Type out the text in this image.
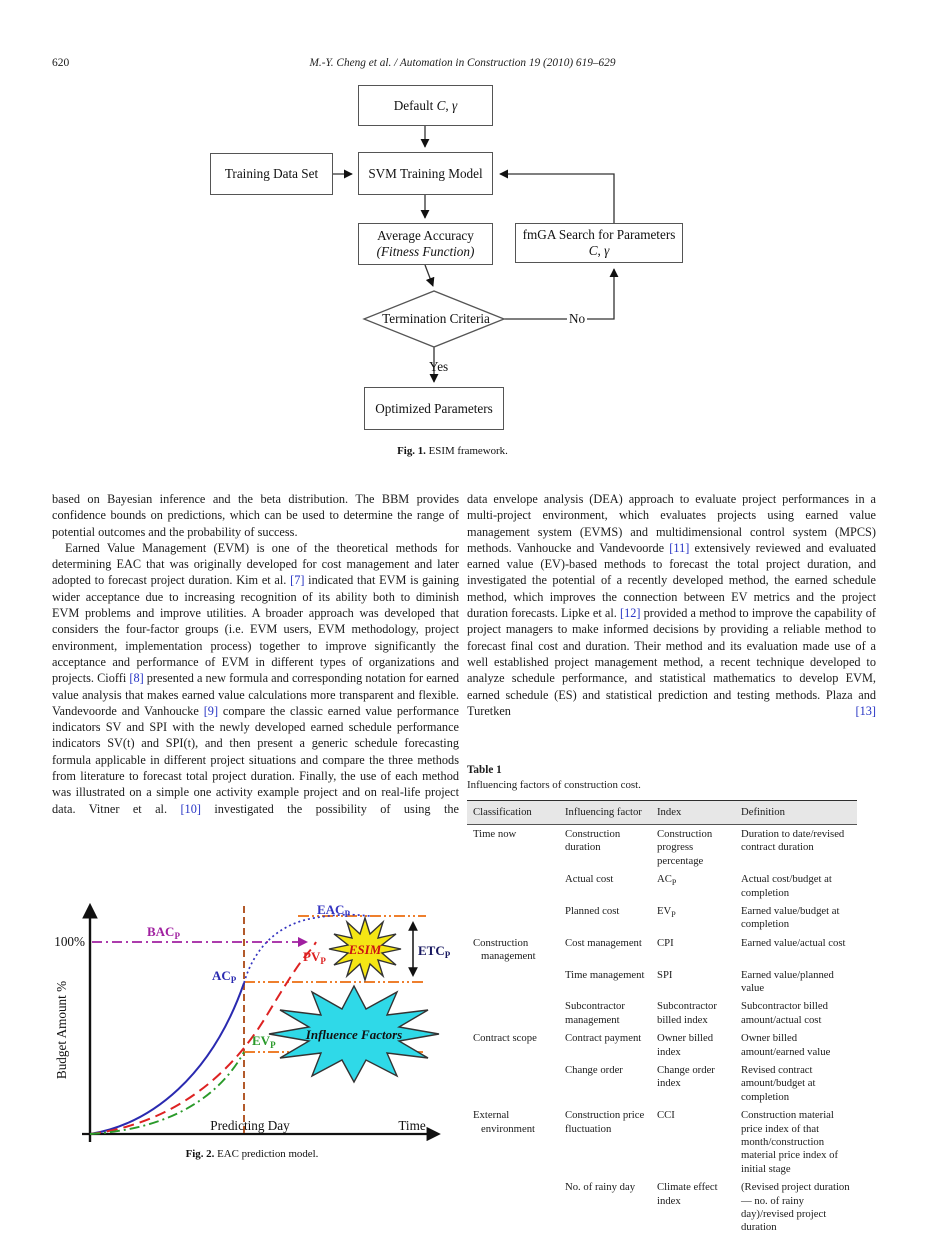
620	M.-Y. Cheng et al. / Automation in Construction 19 (2010) 619–629
Default C, γ
Training Data Set	SVM Training Model
Average Accuracy
(Fitness Function)
fmGA Search for Parameters C, γ
Termination Criteria
Yes
No
Optimized Parameters
Fig. 1. ESIM framework.

based on Bayesian inference and the beta distribution. The BBM provides confidence bounds on predictions, which can be used to determine the range of potential outcomes and the probability of success.

Earned Value Management (EVM) is one of the theoretical methods for determining EAC that was originally developed for cost management and later adopted to forecast project duration. Kim et al. [7] indicated that EVM is gaining wider acceptance due to increasing recognition of its ability both to diminish EVM problems and improve utilities. A broader approach was developed that considers the four-factor groups (i.e. EVM users, EVM methodology, project environment, implementation process) together to improve significantly the acceptance and performance of EVM in different types of organizations and projects. Cioffi [8] presented a new formula and corresponding notation for earned value analysis that makes earned value calculations more transparent and flexible. Vandevoorde and Vanhoucke [9] compare the classic earned value performance indicators SV and SPI with the newly developed earned schedule performance indicators SV(t) and SPI(t), and then present a generic schedule forecasting formula applicable in different project situations and compare the three methods from literature to forecast total project duration. Finally, the use of each method was illustrated on a simple one activity example project and on real-life project data. Vitner et al. [10] investigated the possibility of using the

data envelope analysis (DEA) approach to evaluate project performances in a multi-project environment, which evaluates projects using earned value management system (EVMS) and multidimensional control system (MPCS) methods. Vanhoucke and Vandevoorde [11] extensively reviewed and evaluated earned value (EV)-based methods to forecast the total project duration, and investigated the potential of a recently developed method, the earned schedule method, which improves the connection between EV metrics and the project duration forecasts. Lipke et al. [12] provided a method to improve the capability of project managers to make informed decisions by providing a reliable method to forecast final cost and duration. Their method and its evaluation made use of a well established project management method, a recent technique developed to analyze schedule performance, and statistical mathematics to develop EVM, earned schedule (ES) and statistical prediction and testing methods. Plaza and Turetken [13]

Table 1

Influencing factors of construction cost.

Classification	Influencing factor	Index	Definition
Time now	Construction duration	Construction progress percentage	Duration to date/revised contract duration
	Actual cost	$AC_P$	Actual cost/budget at completion
	Planned cost	$EV_P$	Earned value/budget at completion
Construction management	Cost management	CPI	Earned value/actual cost
	Time management	SPI	Earned value/planned value
	Subcontractor management	Subcontractor billed index	Subcontractor billed amount/actual cost
Contract scope	Contract payment	Owner billed index	Owner billed amount/earned value
	Change order	Change order index	Revised contract amount/budget at completion
External environment	Construction price fluctuation	CCI	Construction material price index of that month/construction material price index of initial stage
	No. of rainy day	Climate effect index	(Revised project duration — no. of rainy day)/revised project duration
Influence Factors
ESIM
$BAC_P$
$EAC_P$
$AC_P$
$PV_P$
$EV_P$
$ETC_P$
100%
Budget Amount %
Predicting Day	Time
Fig. 2. EAC prediction model.
